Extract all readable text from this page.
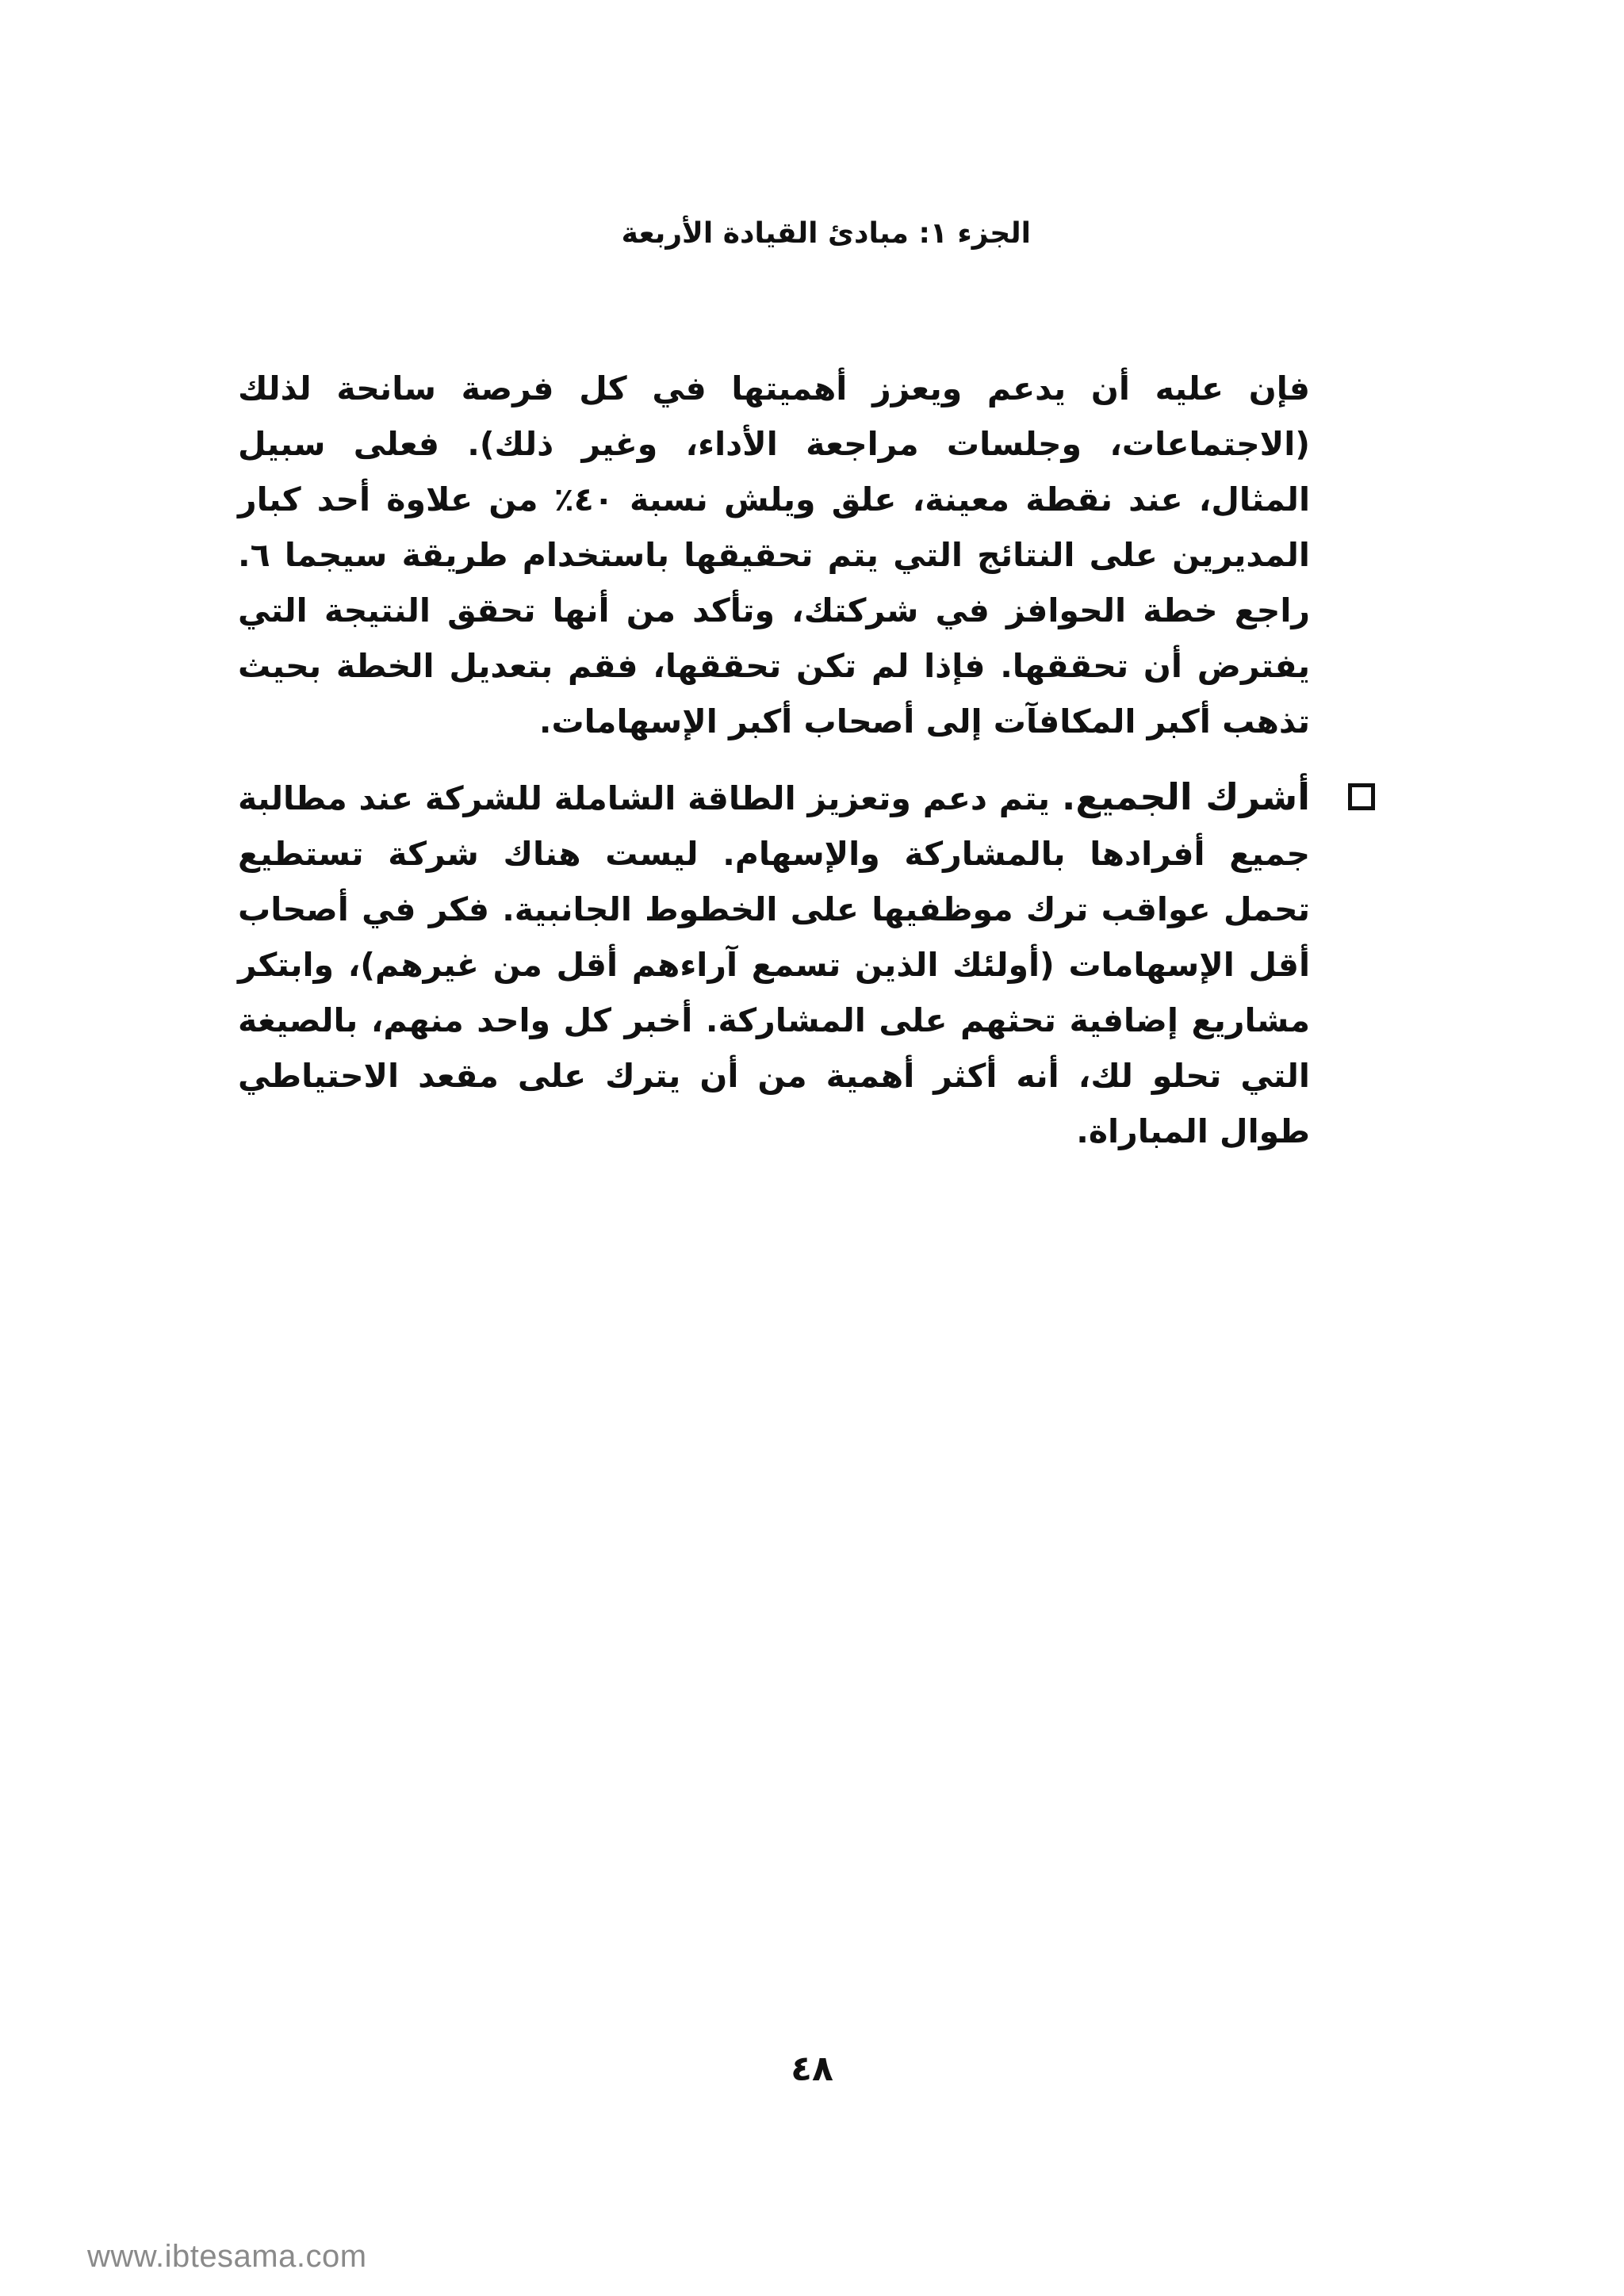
الجزء ١: مبادئ القيادة الأربعة

فإن عليه أن يدعم ويعزز أهميتها في كل فرصة سانحة لذلك (الاجتماعات، وجلسات مراجعة الأداء، وغير ذلك). فعلى سبيل المثال، عند نقطة معينة، علق ويلش نسبة ٤٠٪ من علاوة أحد كبار المديرين على النتائج التي يتم تحقيقها باستخدام طريقة سيجما ٦. راجع خطة الحوافز في شركتك، وتأكد من أنها تحقق النتيجة التي يفترض أن تحققها. فإذا لم تكن تحققها، فقم بتعديل الخطة بحيث تذهب أكبر المكافآت إلى أصحاب أكبر الإسهامات.

أشرك الجميع. يتم دعم وتعزيز الطاقة الشاملة للشركة عند مطالبة جميع أفرادها بالمشاركة والإسهام. ليست هناك شركة تستطيع تحمل عواقب ترك موظفيها على الخطوط الجانبية. فكر في أصحاب أقل الإسهامات (أولئك الذين تسمع آراءهم أقل من غيرهم)، وابتكر مشاريع إضافية تحثهم على المشاركة. أخبر كل واحد منهم، بالصيغة التي تحلو لك، أنه أكثر أهمية من أن يترك على مقعد الاحتياطي طوال المباراة.

٤٨
www.ibtesama.com
